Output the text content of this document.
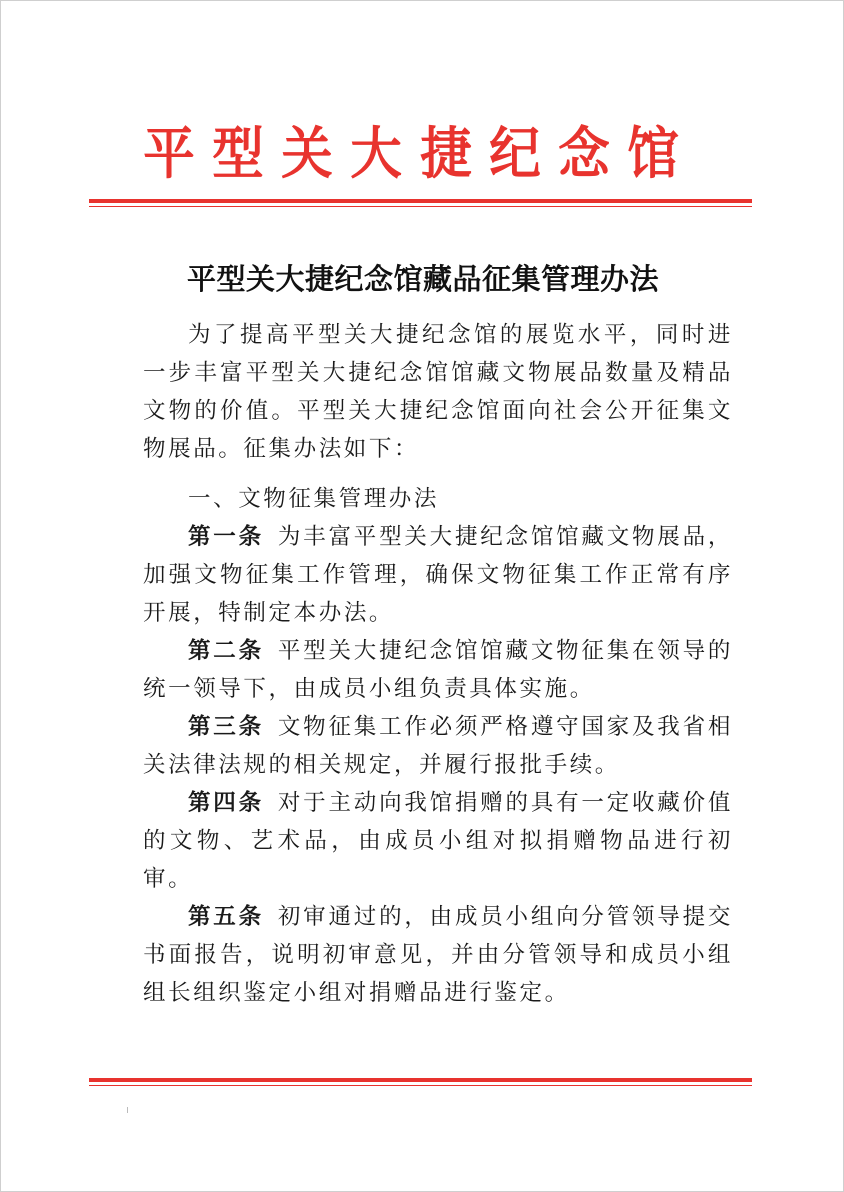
平 型 关 大 捷 纪 念 馆
平型关大捷纪念馆藏品征集管理办法

为了提高平型关大捷纪念馆的展览水平，同时进一步丰富平型关大捷纪念馆馆藏文物展品数量及精品文物的价值。平型关大捷纪念馆面向社会公开征集文物展品。征集办法如下：

一、文物征集管理办法

第一条 为丰富平型关大捷纪念馆馆藏文物展品，加强文物征集工作管理，确保文物征集工作正常有序开展，特制定本办法。

第二条 平型关大捷纪念馆馆藏文物征集在领导的统一领导下，由成员小组负责具体实施。

第三条 文物征集工作必须严格遵守国家及我省相关法律法规的相关规定，并履行报批手续。

第四条 对于主动向我馆捐赠的具有一定收藏价值的文物、艺术品，由成员小组对拟捐赠物品进行初审。

第五条 初审通过的，由成员小组向分管领导提交书面报告，说明初审意见，并由分管领导和成员小组组长组织鉴定小组对捐赠品进行鉴定。
